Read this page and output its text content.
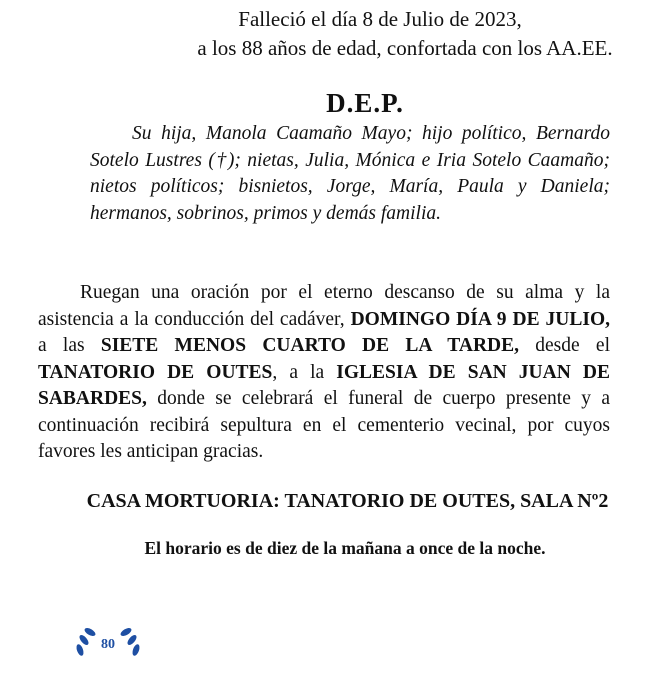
Falleció el día 8 de Julio de 2023,
a los 88 años de edad, confortada con los AA.EE.
D.E.P.
Su hija, Manola Caamaño Mayo; hijo político, Bernardo Sotelo Lustres (†); nietas, Julia, Mónica e Iria Sotelo Caamaño; nietos políticos; bisnietos, Jorge, María, Paula y Daniela; hermanos, sobrinos, primos y demás familia.
Ruegan una oración por el eterno descanso de su alma y la asistencia a la conducción del cadáver, DOMINGO DÍA 9 DE JULIO, a las SIETE MENOS CUARTO DE LA TARDE, desde el TANATORIO DE OUTES, a la IGLESIA DE SAN JUAN DE SABARDES, donde se celebrará el funeral de cuerpo presente y a continuación recibirá sepultura en el cementerio vecinal, por cuyos favores les anticipan gracias.
CASA MORTUORIA: TANATORIO DE OUTES, SALA Nº2
El horario es de diez de la mañana a once de la noche.
80
